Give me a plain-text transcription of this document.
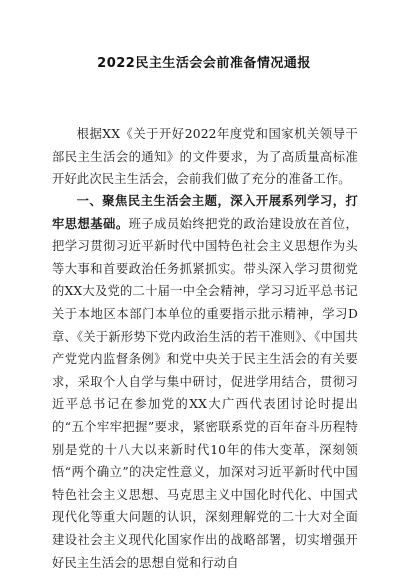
2022民主生活会会前准备情况通报
根据XX《关于开好2022年度党和国家机关领导干部民主生活会的通知》的文件要求，为了高质量高标准开好此次民主生活会，会前我们做了充分的准备工作。
一、聚焦民主生活会主题，深入开展系列学习，打牢思想基础。班子成员始终把党的政治建设放在首位，把学习贯彻习近平新时代中国特色社会主义思想作为头等大事和首要政治任务抓紧抓实。带头深入学习贯彻党的XX大及党的二十届一中全会精神，学习习近平总书记关于本地区本部门本单位的重要指示批示精神，学习D章、《关于新形势下党内政治生活的若干准则》、《中国共产党党内监督条例》和党中央关于民主生活会的有关要求，采取个人自学与集中研讨，促进学用结合，贯彻习近平总书记在参加党的XX大广西代表团讨论时提出的“五个牢牢把握”要求，紧密联系党的百年奋斗历程特别是党的十八大以来新时代10年的伟大变革，深刻领悟“两个确立”的决定性意义，加深对习近平新时代中国特色社会主义思想、马克思主义中国化时代化、中国式现代化等重大问题的认识，深刻理解党的二十大对全面建设社会主义现代化国家作出的战略部署，切实增强开好民主生活会的思想自觉和行动自
